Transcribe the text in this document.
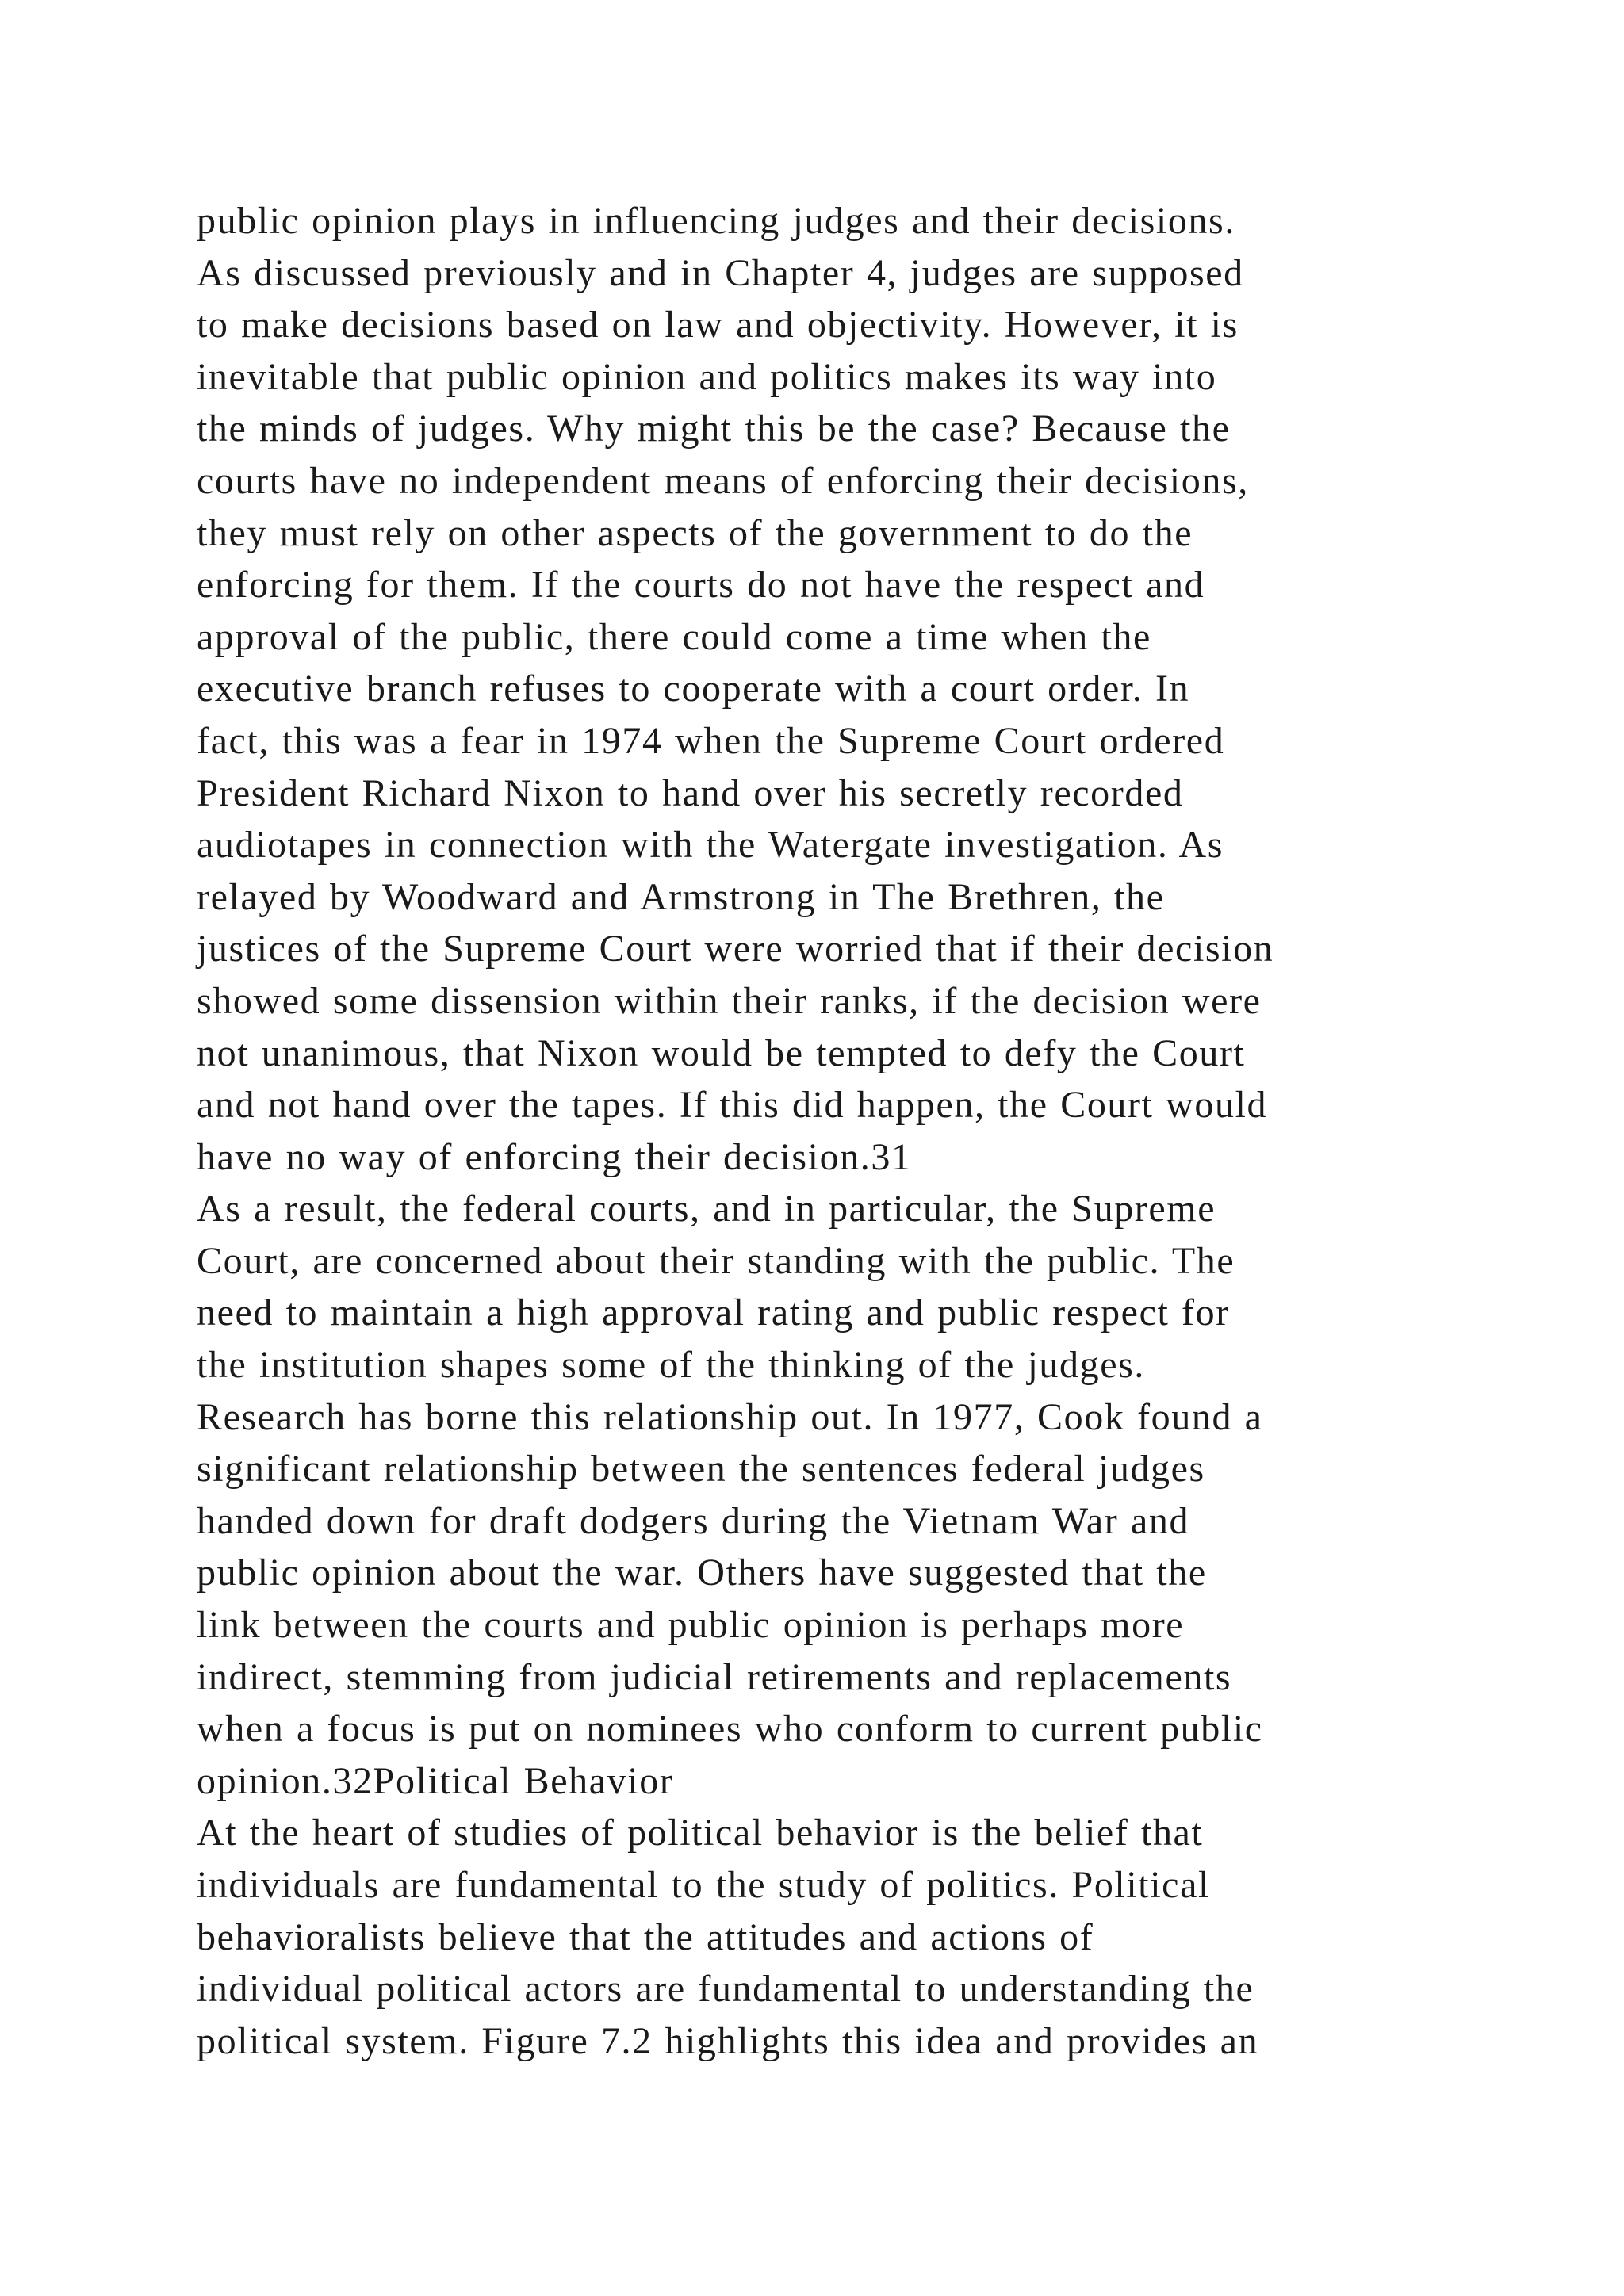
public opinion plays in influencing judges and their decisions.
As discussed previously and in Chapter 4, judges are supposed
to make decisions based on law and objectivity. However, it is
inevitable that public opinion and politics makes its way into
the minds of judges. Why might this be the case? Because the
courts have no independent means of enforcing their decisions,
they must rely on other aspects of the government to do the
enforcing for them. If the courts do not have the respect and
approval of the public, there could come a time when the
executive branch refuses to cooperate with a court order. In
fact, this was a fear in 1974 when the Supreme Court ordered
President Richard Nixon to hand over his secretly recorded
audiotapes in connection with the Watergate investigation. As
relayed by Woodward and Armstrong in The Brethren, the
justices of the Supreme Court were worried that if their decision
showed some dissension within their ranks, if the decision were
not unanimous, that Nixon would be tempted to defy the Court
and not hand over the tapes. If this did happen, the Court would
have no way of enforcing their decision.31
As a result, the federal courts, and in particular, the Supreme
Court, are concerned about their standing with the public. The
need to maintain a high approval rating and public respect for
the institution shapes some of the thinking of the judges.
Research has borne this relationship out. In 1977, Cook found a
significant relationship between the sentences federal judges
handed down for draft dodgers during the Vietnam War and
public opinion about the war. Others have suggested that the
link between the courts and public opinion is perhaps more
indirect, stemming from judicial retirements and replacements
when a focus is put on nominees who conform to current public
opinion.32Political Behavior
At the heart of studies of political behavior is the belief that
individuals are fundamental to the study of politics. Political
behavioralists believe that the attitudes and actions of
individual political actors are fundamental to understanding the
political system. Figure 7.2 highlights this idea and provides an
